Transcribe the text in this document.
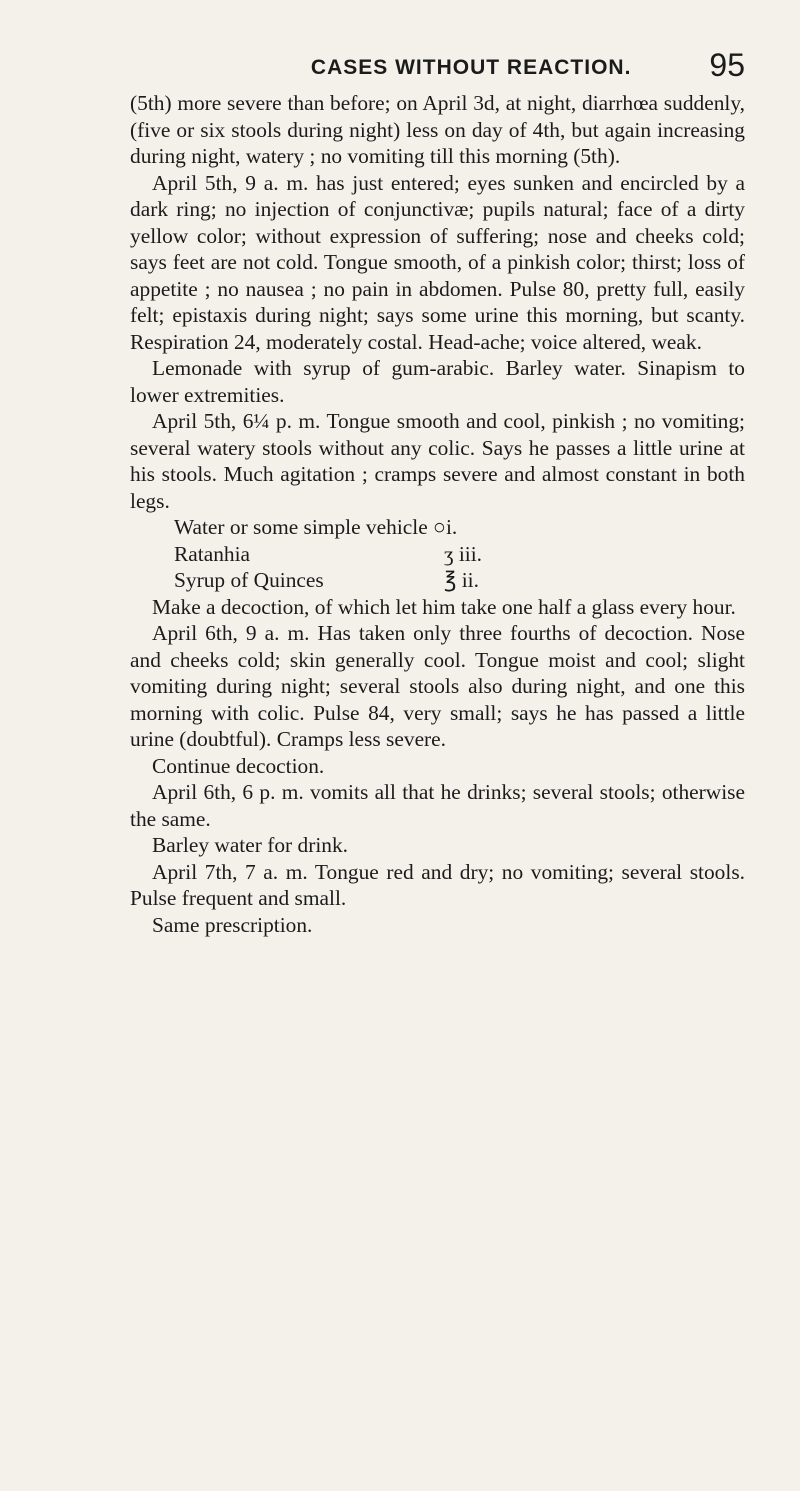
CASES WITHOUT REACTION. 95

(5th) more severe than before; on April 3d, at night, diarrhœa suddenly, (five or six stools during night) less on day of 4th, but again increasing during night, watery ; no vomiting till this morning (5th).

April 5th, 9 a. m. has just entered; eyes sunken and encircled by a dark ring; no injection of conjunctivæ; pupils natural; face of a dirty yellow color; without expression of suffering; nose and cheeks cold; says feet are not cold. Tongue smooth, of a pinkish color; thirst; loss of appetite ; no nausea ; no pain in abdomen. Pulse 80, pretty full, easily felt; epistaxis during night; says some urine this morning, but scanty. Respiration 24, moderately costal. Head-ache; voice altered, weak.

Lemonade with syrup of gum-arabic. Barley water. Sinapism to lower extremities.

April 5th, 6¼ p. m. Tongue smooth and cool, pinkish ; no vomiting; several watery stools without any colic. Says he passes a little urine at his stools. Much agitation ; cramps severe and almost constant in both legs.

Water or some simple vehicle ○i.

Ratanhia	ʒ iii.
Syrup of Quinces	℥ ii.

Make a decoction, of which let him take one half a glass every hour.

April 6th, 9 a. m. Has taken only three fourths of decoction. Nose and cheeks cold; skin generally cool. Tongue moist and cool; slight vomiting during night; several stools also during night, and one this morning with colic. Pulse 84, very small; says he has passed a little urine (doubtful). Cramps less severe.

Continue decoction.

April 6th, 6 p. m. vomits all that he drinks; several stools; otherwise the same.

Barley water for drink.

April 7th, 7 a. m. Tongue red and dry; no vomiting; several stools. Pulse frequent and small.

Same prescription.
